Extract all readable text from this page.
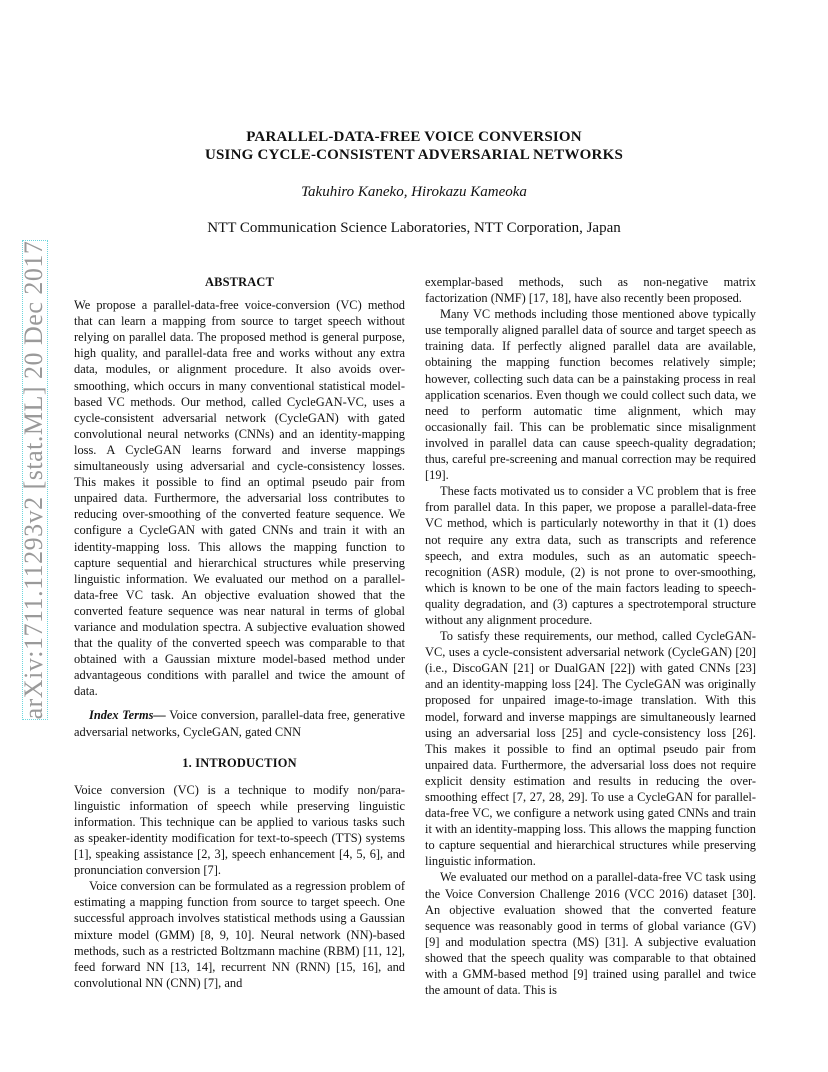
arXiv:1711.11293v2 [stat.ML] 20 Dec 2017
PARALLEL-DATA-FREE VOICE CONVERSION
USING CYCLE-CONSISTENT ADVERSARIAL NETWORKS
Takuhiro Kaneko, Hirokazu Kameoka
NTT Communication Science Laboratories, NTT Corporation, Japan
ABSTRACT

We propose a parallel-data-free voice-conversion (VC) method that can learn a mapping from source to target speech without relying on parallel data. The proposed method is general purpose, high quality, and parallel-data free and works without any extra data, modules, or alignment procedure. It also avoids over-smoothing, which occurs in many conventional statistical model-based VC methods. Our method, called CycleGAN-VC, uses a cycle-consistent adversarial network (CycleGAN) with gated convolutional neural networks (CNNs) and an identity-mapping loss. A CycleGAN learns forward and inverse mappings simultaneously using adversarial and cycle-consistency losses. This makes it possible to find an optimal pseudo pair from unpaired data. Furthermore, the adversarial loss contributes to reducing over-smoothing of the converted feature sequence. We configure a CycleGAN with gated CNNs and train it with an identity-mapping loss. This allows the mapping function to capture sequential and hierarchical structures while preserving linguistic information. We evaluated our method on a parallel-data-free VC task. An objective evaluation showed that the converted feature sequence was near natural in terms of global variance and modulation spectra. A subjective evaluation showed that the quality of the converted speech was comparable to that obtained with a Gaussian mixture model-based method under advantageous conditions with parallel and twice the amount of data.

Index Terms— Voice conversion, parallel-data free, generative adversarial networks, CycleGAN, gated CNN

1. INTRODUCTION

Voice conversion (VC) is a technique to modify non/para-linguistic information of speech while preserving linguistic information. This technique can be applied to various tasks such as speaker-identity modification for text-to-speech (TTS) systems [1], speaking assistance [2, 3], speech enhancement [4, 5, 6], and pronunciation conversion [7].

Voice conversion can be formulated as a regression problem of estimating a mapping function from source to target speech. One successful approach involves statistical methods using a Gaussian mixture model (GMM) [8, 9, 10]. Neural network (NN)-based methods, such as a restricted Boltzmann machine (RBM) [11, 12], feed forward NN [13, 14], recurrent NN (RNN) [15, 16], and convolutional NN (CNN) [7], and

exemplar-based methods, such as non-negative matrix factorization (NMF) [17, 18], have also recently been proposed.

Many VC methods including those mentioned above typically use temporally aligned parallel data of source and target speech as training data. If perfectly aligned parallel data are available, obtaining the mapping function becomes relatively simple; however, collecting such data can be a painstaking process in real application scenarios. Even though we could collect such data, we need to perform automatic time alignment, which may occasionally fail. This can be problematic since misalignment involved in parallel data can cause speech-quality degradation; thus, careful pre-screening and manual correction may be required [19].

These facts motivated us to consider a VC problem that is free from parallel data. In this paper, we propose a parallel-data-free VC method, which is particularly noteworthy in that it (1) does not require any extra data, such as transcripts and reference speech, and extra modules, such as an automatic speech-recognition (ASR) module, (2) is not prone to over-smoothing, which is known to be one of the main factors leading to speech-quality degradation, and (3) captures a spectrotemporal structure without any alignment procedure.

To satisfy these requirements, our method, called CycleGAN-VC, uses a cycle-consistent adversarial network (CycleGAN) [20] (i.e., DiscoGAN [21] or DualGAN [22]) with gated CNNs [23] and an identity-mapping loss [24]. The CycleGAN was originally proposed for unpaired image-to-image translation. With this model, forward and inverse mappings are simultaneously learned using an adversarial loss [25] and cycle-consistency loss [26]. This makes it possible to find an optimal pseudo pair from unpaired data. Furthermore, the adversarial loss does not require explicit density estimation and results in reducing the over-smoothing effect [7, 27, 28, 29]. To use a CycleGAN for parallel-data-free VC, we configure a network using gated CNNs and train it with an identity-mapping loss. This allows the mapping function to capture sequential and hierarchical structures while preserving linguistic information.

We evaluated our method on a parallel-data-free VC task using the Voice Conversion Challenge 2016 (VCC 2016) dataset [30]. An objective evaluation showed that the converted feature sequence was reasonably good in terms of global variance (GV) [9] and modulation spectra (MS) [31]. A subjective evaluation showed that the speech quality was comparable to that obtained with a GMM-based method [9] trained using parallel and twice the amount of data. This is
